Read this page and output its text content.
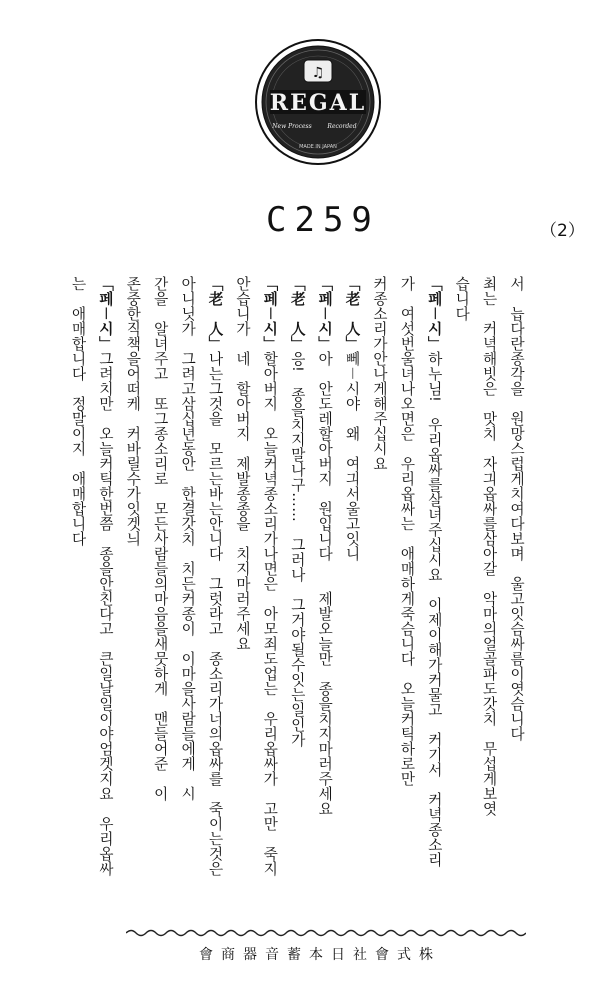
♫
REGAL
New Process	Recorded
MADE IN JAPAN
C259	（2）
서　늡다란종각을　원망스럽게치여다보며　울고잇슴싸름이엿슴니다
최는　커녁해빗은　맛치　자긔옵싸를삼아갈　악마의얼골파도갓치　무섭게보엿
습니다
「페－시」하누님!　우리옵싸를살녀주십시요　이제이해가커물고　커기서　커녁종소리
가　여섯번울녀나오면은　우리옵싸는　애매하게죽슴니다　오늘커틱하로만
커종소리가안나게해주십시요
「老　人」뻬－시야　왜　여긔서울고잇니
「페－시」아　안도레할아버지　원입니다　　제발오늘만　종을치지마러주세요
「老　人」응!　종을치지말나구……　그러나　그거야될수잇는일인가
「페－시」할아버지　오늘커녁종소리가나면은　아모죄도업는　우리옵싸가　고만　죽지
안습니가　네　할아버지　제발종종을　치지마러주세요
「老　人」나는그것을　모르는바는안니다　그럿라고　종소리가너의옵싸를　죽이는것은
아니닛가　그려고삼십년동안　한결갓치　치든커종이　이마을사람들에게　시
간을　알녀주고　또그종소리로　모든사람들의마음을새뭇하게　맨들어준　이
존중한직책을어떠케　커바릴수가잇겟늬
「페－시」그려치만　오늘커틱한번쯤　종을안친다고　큰일날일이야엄겟지요　우리옵싸
는　애매합니다　정말이지　애매합니다
株式會社日本蓄音器商會
